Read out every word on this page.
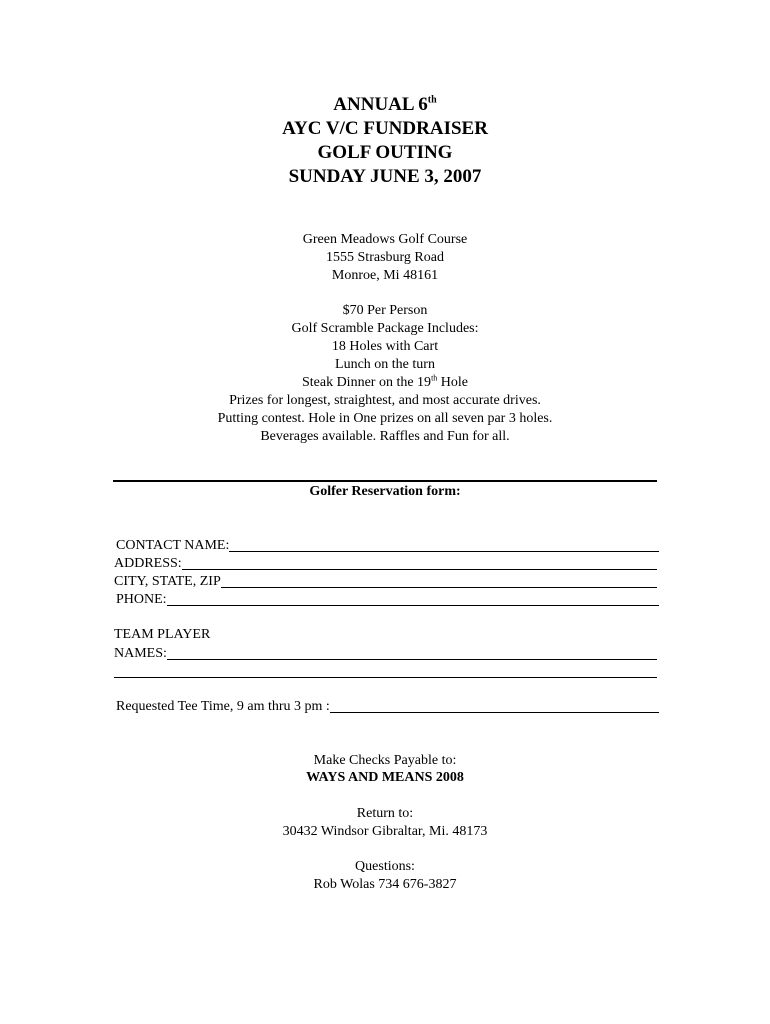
ANNUAL 6th
AYC V/C FUNDRAISER
GOLF OUTING
SUNDAY JUNE 3, 2007
Green Meadows Golf Course
1555 Strasburg Road
Monroe, Mi 48161
$70 Per Person
Golf Scramble Package Includes:
18 Holes with Cart
Lunch on the turn
Steak Dinner on the 19th Hole
Prizes for longest, straightest, and most accurate drives.
Putting contest. Hole in One prizes on all seven par 3 holes.
Beverages available. Raffles and Fun for all.
Golfer Reservation form:
CONTACT NAME:
ADDRESS:
CITY, STATE, ZIP
PHONE:
TEAM PLAYER
NAMES:
Requested Tee Time, 9 am thru 3 pm :
Make Checks Payable to:
WAYS AND MEANS 2008
Return to:
30432 Windsor Gibraltar, Mi. 48173
Questions:
Rob Wolas 734 676-3827
